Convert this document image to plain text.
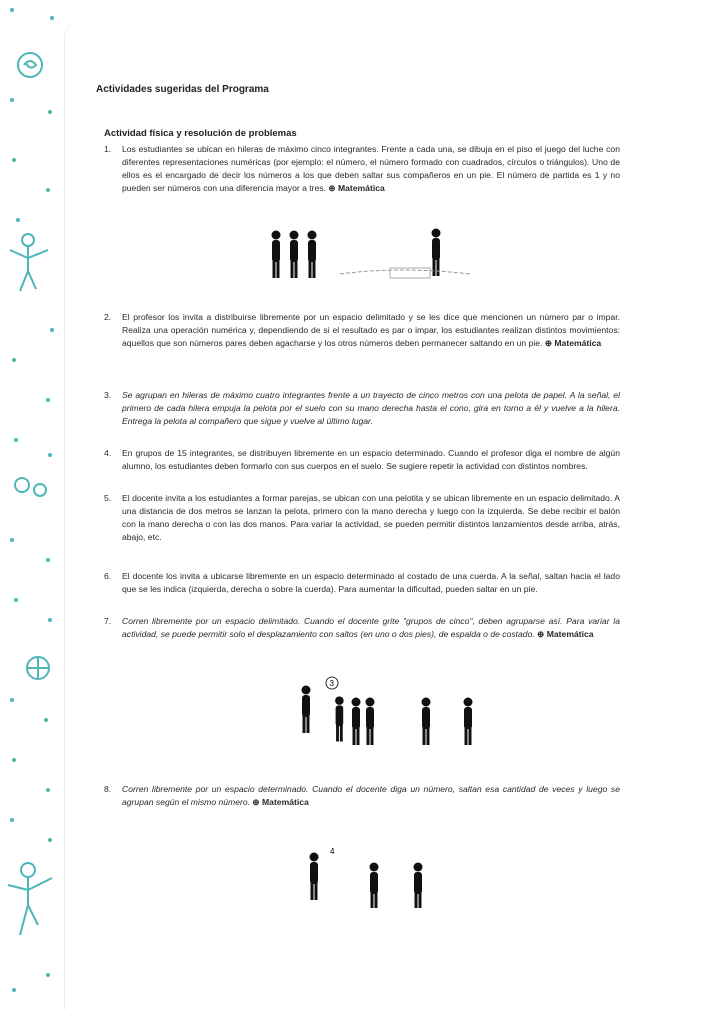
Actividades sugeridas del Programa
Actividad física y resolución de problemas
1.	Los estudiantes se ubican en hileras de máximo cinco integrantes. Frente a cada una, se dibuja en el piso el juego del luche con diferentes representaciones numéricas (por ejemplo: el número, el número formado con cuadrados, círculos o triángulos). Uno de ellos es el encargado de decir los números a los que deben saltar sus compañeros en un pie. El número de partida es 1 y no pueden ser números con una diferencia mayor a tres. ⊕ Matemática
2.	El profesor los invita a distribuirse libremente por un espacio delimitado y se les dice que mencionen un número par o impar. Realiza una operación numérica y, dependiendo de si el resultado es par o impar, los estudiantes realizan distintos movimientos: aquellos que son números pares deben agacharse y los otros números deben permanecer saltando en un pie. ⊕ Matemática
3.	Se agrupan en hileras de máximo cuatro integrantes frente a un trayecto de cinco metros con una pelota de papel. A la señal, el primero de cada hilera empuja la pelota por el suelo con su mano derecha hasta el cono, gira en torno a él y vuelve a la hilera. Entrega la pelota al compañero que sigue y vuelve al último lugar.
4.	En grupos de 15 integrantes, se distribuyen libremente en un espacio determinado. Cuando el profesor diga el nombre de algún alumno, los estudiantes deben formarlo con sus cuerpos en el suelo. Se sugiere repetir la actividad con distintos nombres.
5.	El docente invita a los estudiantes a formar parejas, se ubican con una pelotita y se ubican libremente en un espacio delimitado. A una distancia de dos metros se lanzan la pelota, primero con la mano derecha y luego con la izquierda. Se debe recibir el balón con la mano derecha o con las dos manos. Para variar la actividad, se pueden permitir distintos lanzamientos desde arriba, atrás, abajo, etc.
6.	El docente los invita a ubicarse libremente en un espacio determinado al costado de una cuerda. A la señal, saltan hacia el lado que se les indica (izquierda, derecha o sobre la cuerda). Para aumentar la dificultad, pueden saltar en un pie.
7.	Corren libremente por un espacio delimitado. Cuando el docente grite "grupos de cinco", deben agruparse así. Para variar la actividad, se puede permitir solo el desplazamiento con saltos (en uno o dos pies), de espalda o de costado. ⊕ Matemática
8.	Corren libremente por un espacio determinado. Cuando el docente diga un número, saltan esa cantidad de veces y luego se agrupan según el mismo número. ⊕ Matemática
3
4
